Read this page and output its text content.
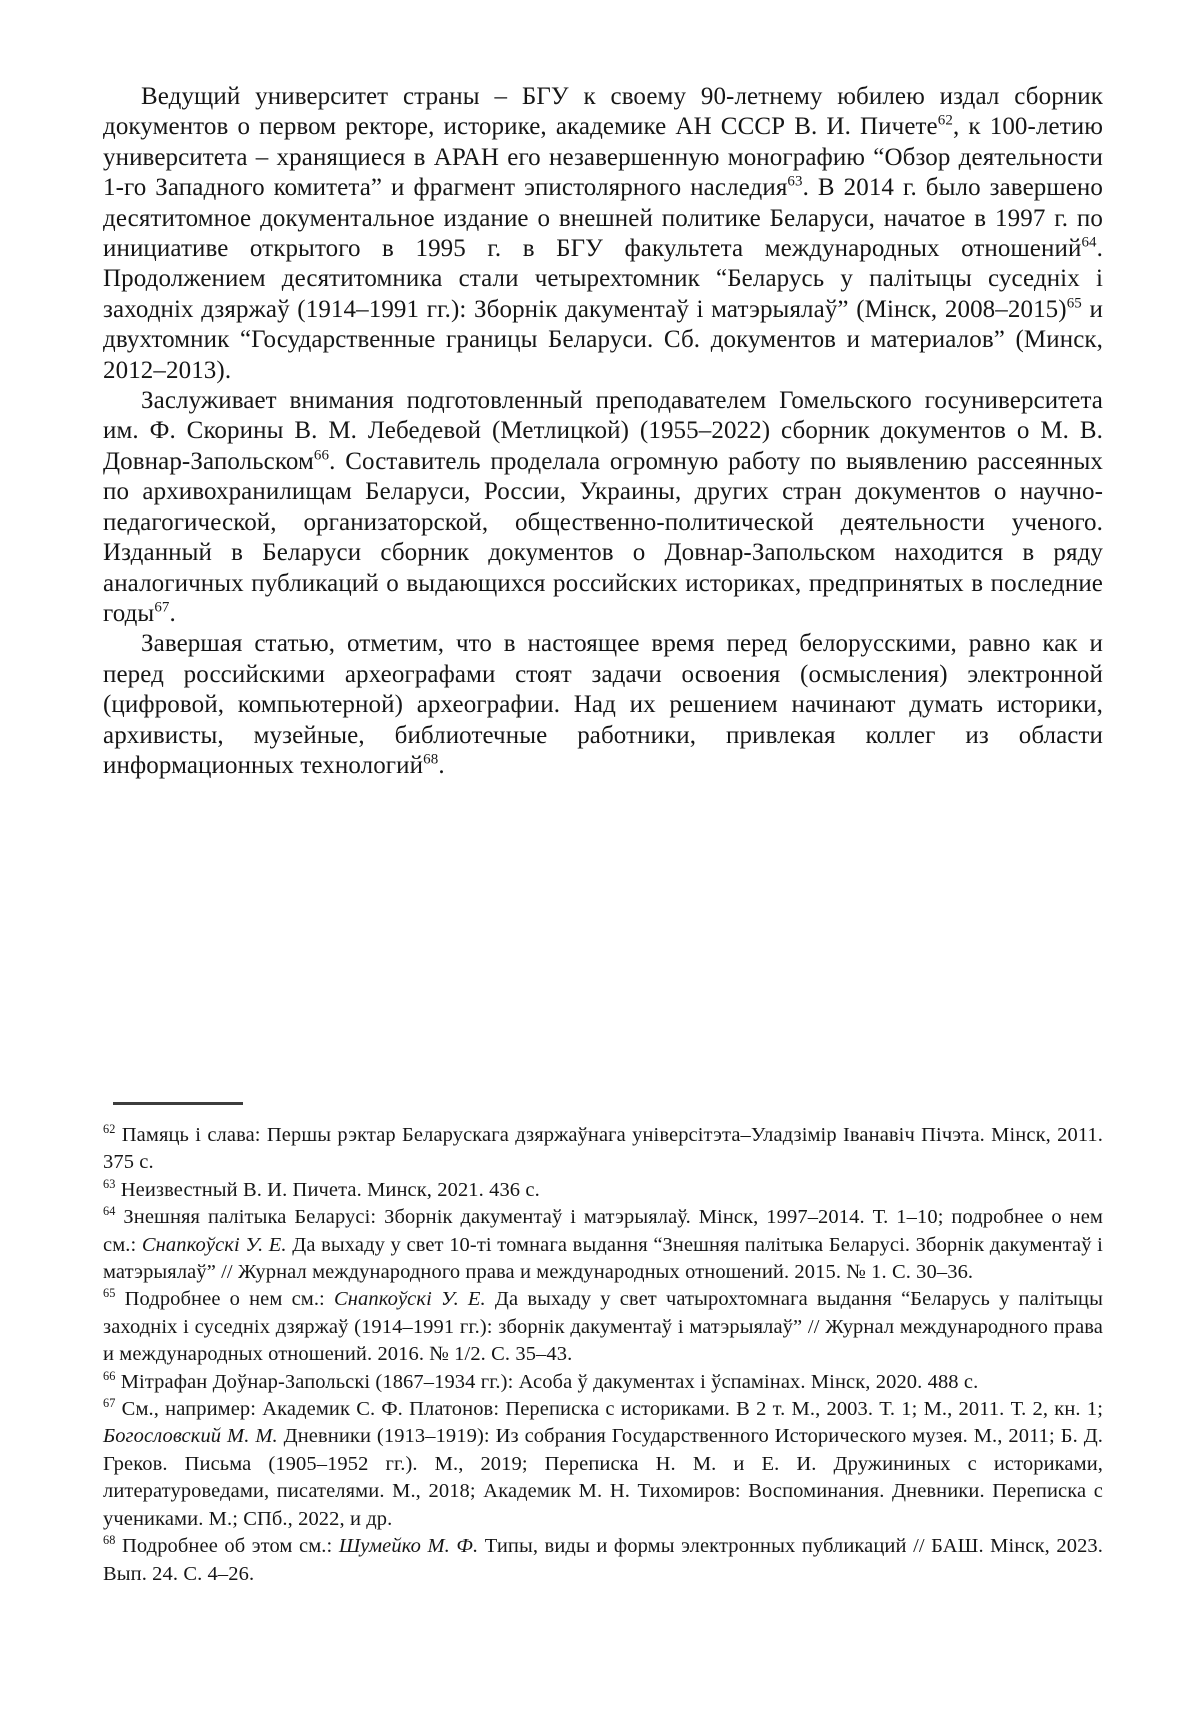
Ведущий университет страны – БГУ к своему 90-летнему юбилею издал сборник документов о первом ректоре, историке, академике АН СССР В. И. Пичете$^{62}$, к 100-летию университета – хранящиеся в АРАН его незавершенную монографию “Обзор деятельности 1-го Западного комитета” и фрагмент эпистолярного наследия$^{63}$. В 2014 г. было завершено десятитомное документальное издание о внешней политике Беларуси, начатое в 1997 г. по инициативе открытого в 1995 г. в БГУ факультета международных отношений$^{64}$. Продолжением десятитомника стали четырехтомник “Беларусь у палітыцы суседніх і заходніх дзяржаў (1914–1991 гг.): Зборнік дакументаў і матэрыялаў” (Мінск, 2008–2015)$^{65}$ и двухтомник “Государственные границы Беларуси. Сб. документов и материалов” (Минск, 2012–2013).

Заслуживает внимания подготовленный преподавателем Гомельского госуниверситета им. Ф. Скорины В. М. Лебедевой (Метлицкой) (1955–2022) сборник документов о М. В. Довнар-Запольском$^{66}$. Составитель проделала огромную работу по выявлению рассеянных по архивохранилищам Беларуси, России, Украины, других стран документов о научно-педагогической, организаторской, общественно-политической деятельности ученого. Изданный в Беларуси сборник документов о Довнар-Запольском находится в ряду аналогичных публикаций о выдающихся российских историках, предпринятых в последние годы$^{67}$.

Завершая статью, отметим, что в настоящее время перед белорусскими, равно как и перед российскими археографами стоят задачи освоения (осмысления) электронной (цифровой, компьютерной) археографии. Над их решением начинают думать историки, архивисты, музейные, библиотечные работники, привлекая коллег из области информационных технологий$^{68}$.

$^{62}$ Памяць і слава: Першы рэктар Беларускага дзяржаўнага універсітэта–Уладзімір Іванавіч Пічэта. Мінск, 2011. 375 с.

$^{63}$ Неизвестный В. И. Пичета. Минск, 2021. 436 с.

$^{64}$ Знешняя палітыка Беларусі: Зборнік дакументаў і матэрыялаў. Мінск, 1997–2014. Т. 1–10; подробнее о нем см.: Снапкоўскі У. Е. Да выхаду у свет 10-ті томнага выдання “Знешняя палітыка Беларусі. Зборнік дакументаў і матэрыялаў” // Журнал международного права и международных отношений. 2015. № 1. С. 30–36.

$^{65}$ Подробнее о нем см.: Снапкоўскі У. Е. Да выхаду у свет чатырохтомнага выдання “Беларусь у палітыцы заходніх і суседніх дзяржаў (1914–1991 гг.): зборнік дакументаў і матэрыялаў” // Журнал международного права и международных отношений. 2016. № 1/2. С. 35–43.

$^{66}$ Мітрафан Доўнар-Запольскі (1867–1934 гг.): Асоба ў дакументах і ўспамінах. Мінск, 2020. 488 с.

$^{67}$ См., например: Академик С. Ф. Платонов: Переписка с историками. В 2 т. М., 2003. Т. 1; М., 2011. Т. 2, кн. 1; Богословский М. М. Дневники (1913–1919): Из собрания Государственного Исторического музея. М., 2011; Б. Д. Греков. Письма (1905–1952 гг.). М., 2019; Переписка Н. М. и Е. И. Дружининых с историками, литературоведами, писателями. М., 2018; Академик М. Н. Тихомиров: Воспоминания. Дневники. Переписка с учениками. М.; СПб., 2022, и др.

$^{68}$ Подробнее об этом см.: Шумейко М. Ф. Типы, виды и формы электронных публикаций // БАШ. Мінск, 2023. Вып. 24. С. 4–26.
